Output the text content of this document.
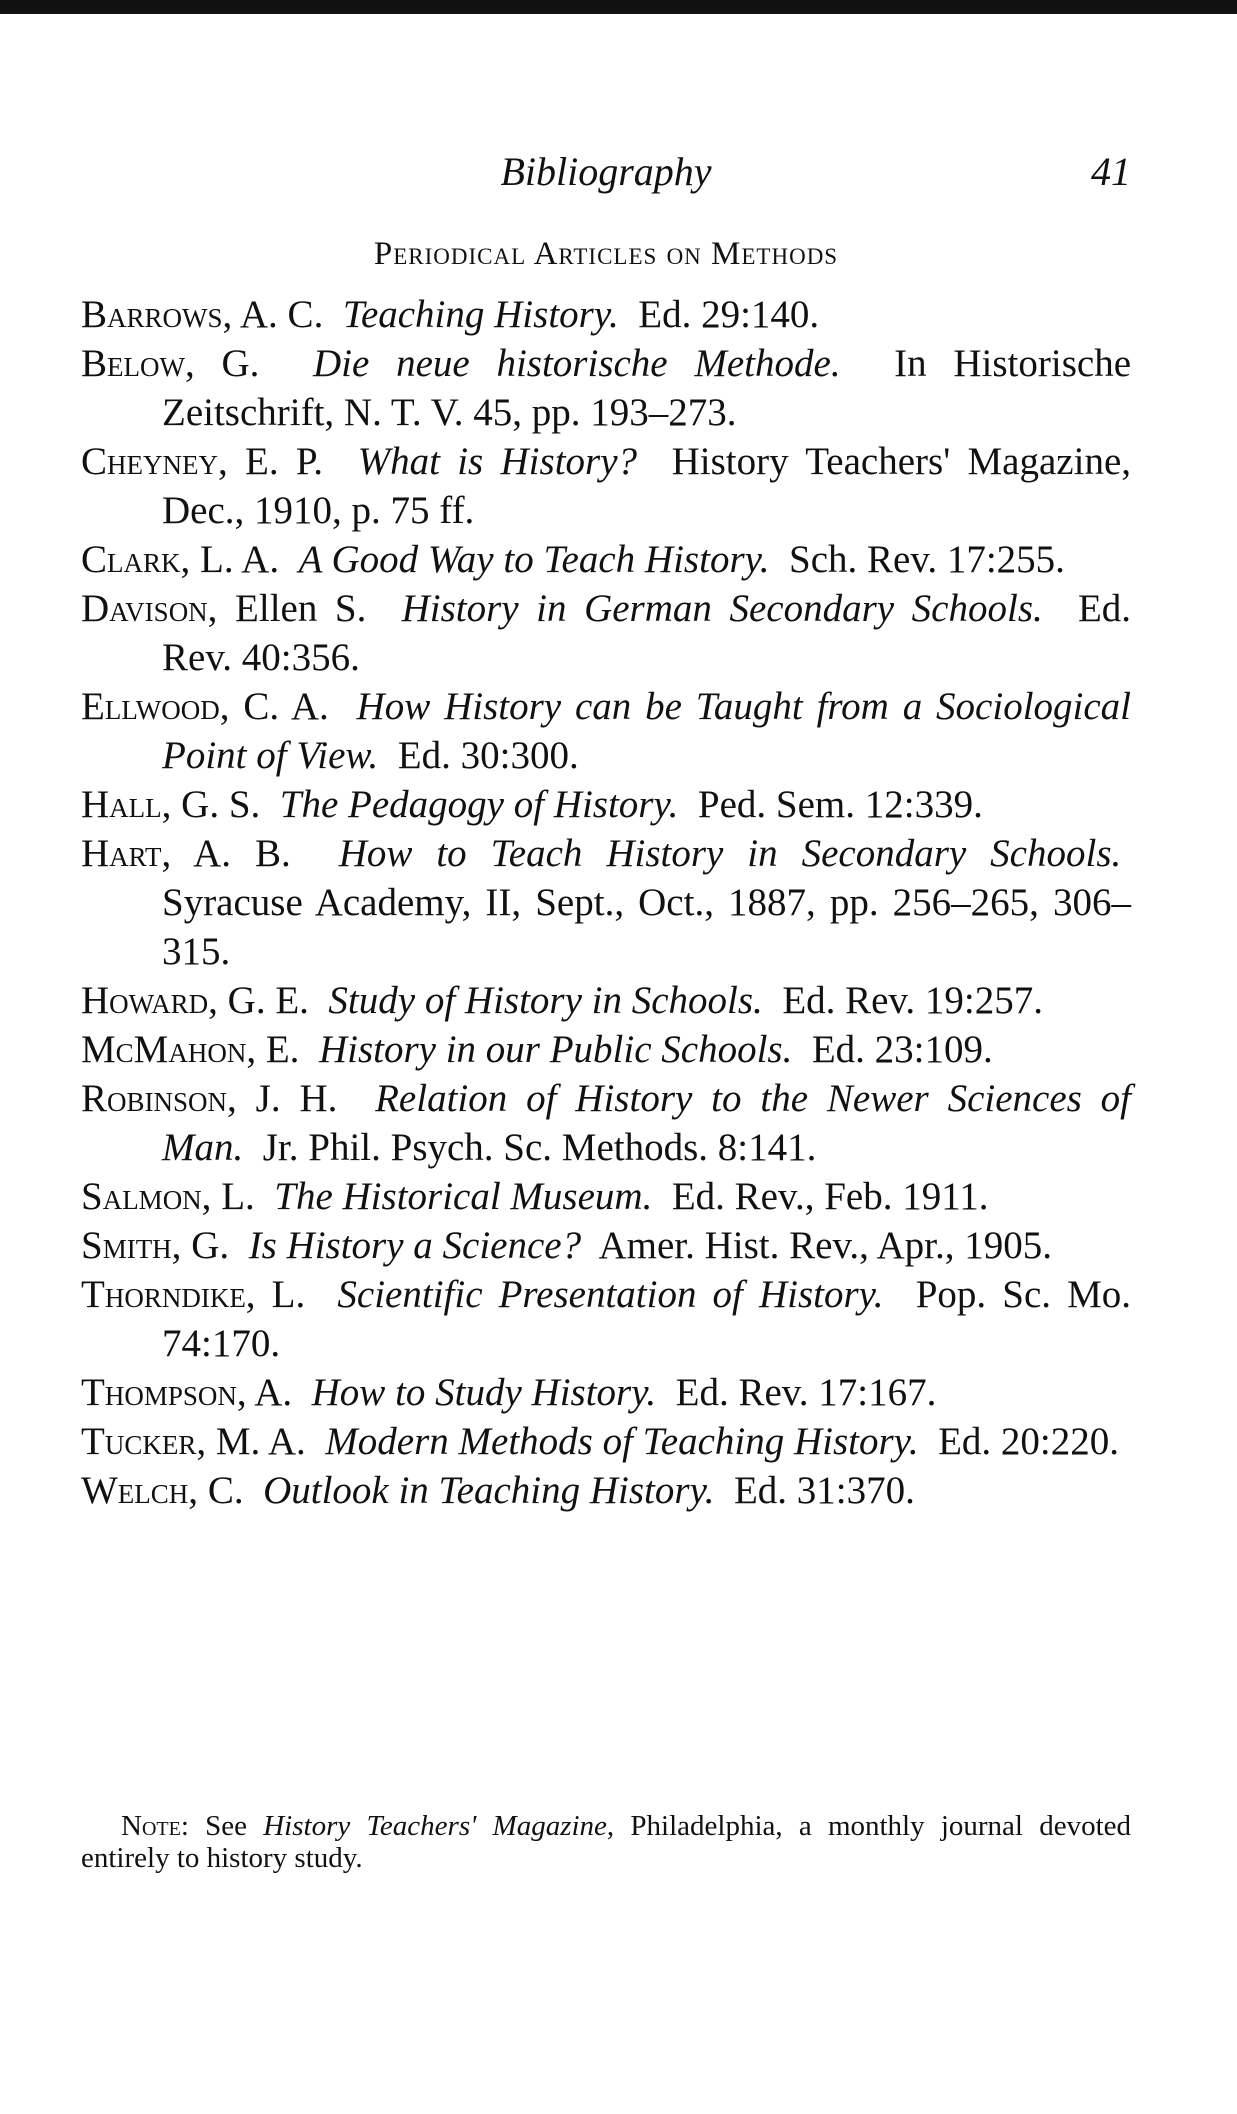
Bibliography	41
Periodical Articles on Methods
Barrows, A. C. Teaching History. Ed. 29:140.
Below, G. Die neue historische Methode. In Historische Zeitschrift, N. T. V. 45, pp. 193–273.
Cheyney, E. P. What is History? History Teachers' Magazine, Dec., 1910, p. 75 ff.
Clark, L. A. A Good Way to Teach History. Sch. Rev. 17:255.
Davison, Ellen S. History in German Secondary Schools. Ed. Rev. 40:356.
Ellwood, C. A. How History can be Taught from a Sociological Point of View. Ed. 30:300.
Hall, G. S. The Pedagogy of History. Ped. Sem. 12:339.
Hart, A. B. How to Teach History in Secondary Schools.  Syracuse Academy, II, Sept., Oct., 1887, pp. 256–265, 306–315.
Howard, G. E. Study of History in Schools. Ed. Rev. 19:257.
McMahon, E. History in our Public Schools. Ed. 23:109.
Robinson, J. H. Relation of History to the Newer Sciences of Man. Jr. Phil. Psych. Sc. Methods. 8:141.
Salmon, L. The Historical Museum. Ed. Rev., Feb. 1911.
Smith, G. Is History a Science? Amer. Hist. Rev., Apr., 1905.
Thorndike, L. Scientific Presentation of History. Pop. Sc. Mo. 74:170.
Thompson, A. How to Study History. Ed. Rev. 17:167.
Tucker, M. A. Modern Methods of Teaching History. Ed. 20:220.
Welch, C. Outlook in Teaching History. Ed. 31:370.
Note: See History Teachers' Magazine, Philadelphia, a monthly journal devoted entirely to history study.
